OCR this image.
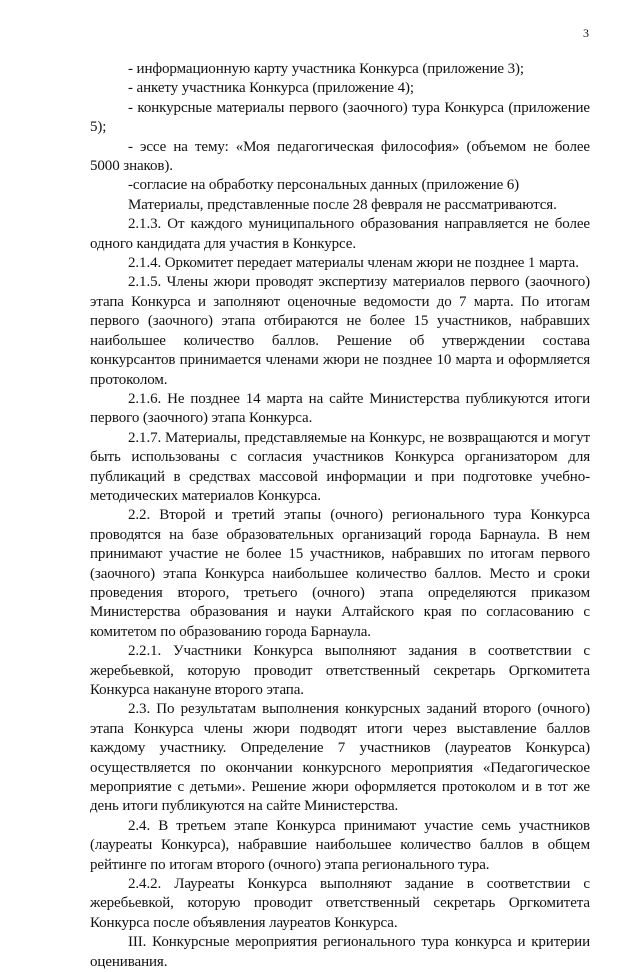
3

- информационную карту участника Конкурса (приложение 3);

- анкету участника Конкурса (приложение 4);

- конкурсные материалы первого (заочного) тура Конкурса (приложение 5);

- эссе на тему: «Моя педагогическая философия» (объемом не более 5000 знаков).

-согласие на обработку персональных данных (приложение 6)

Материалы, представленные после 28 февраля не рассматриваются.

2.1.3. От каждого муниципального образования направляется не более одного кандидата для участия в Конкурсе.

2.1.4. Оркомитет передает материалы членам жюри не позднее 1 марта.

2.1.5. Члены жюри проводят экспертизу материалов первого (заочного) этапа Конкурса и заполняют оценочные ведомости до 7 марта. По итогам первого (заочного) этапа отбираются не более 15 участников, набравших наибольшее количество баллов. Решение об утверждении состава конкурсантов принимается членами жюри не позднее 10 марта и оформляется протоколом.

2.1.6. Не позднее 14 марта на сайте Министерства публикуются итоги первого (заочного) этапа Конкурса.

2.1.7. Материалы, представляемые на Конкурс, не возвращаются и могут быть использованы с согласия участников Конкурса организатором для публикаций в средствах массовой информации и при подготовке учебно-методических материалов Конкурса.

2.2. Второй и третий этапы (очного) регионального тура Конкурса проводятся на базе образовательных организаций города Барнаула. В нем принимают участие не более 15 участников, набравших по итогам первого (заочного) этапа Конкурса наибольшее количество баллов. Место и сроки проведения второго, третьего (очного) этапа определяются приказом Министерства образования и науки Алтайского края по согласованию с комитетом по образованию города Барнаула.

2.2.1. Участники Конкурса выполняют задания в соответствии с жеребьевкой, которую проводит ответственный секретарь Оргкомитета Конкурса накануне второго этапа.

2.3. По результатам выполнения конкурсных заданий второго (очного) этапа Конкурса члены жюри подводят итоги через выставление баллов каждому участнику. Определение 7 участников (лауреатов Конкурса) осуществляется по окончании конкурсного мероприятия «Педагогическое мероприятие с детьми». Решение жюри оформляется протоколом и в тот же день итоги публикуются на сайте Министерства.

2.4. В третьем этапе Конкурса принимают участие семь участников (лауреаты Конкурса), набравшие наибольшее количество баллов в общем рейтинге по итогам второго (очного) этапа регионального тура.

2.4.2. Лауреаты Конкурса выполняют задание в соответствии с жеребьевкой, которую проводит ответственный секретарь Оргкомитета Конкурса после объявления лауреатов Конкурса.

III. Конкурсные мероприятия регионального тура конкурса и критерии оценивания.
